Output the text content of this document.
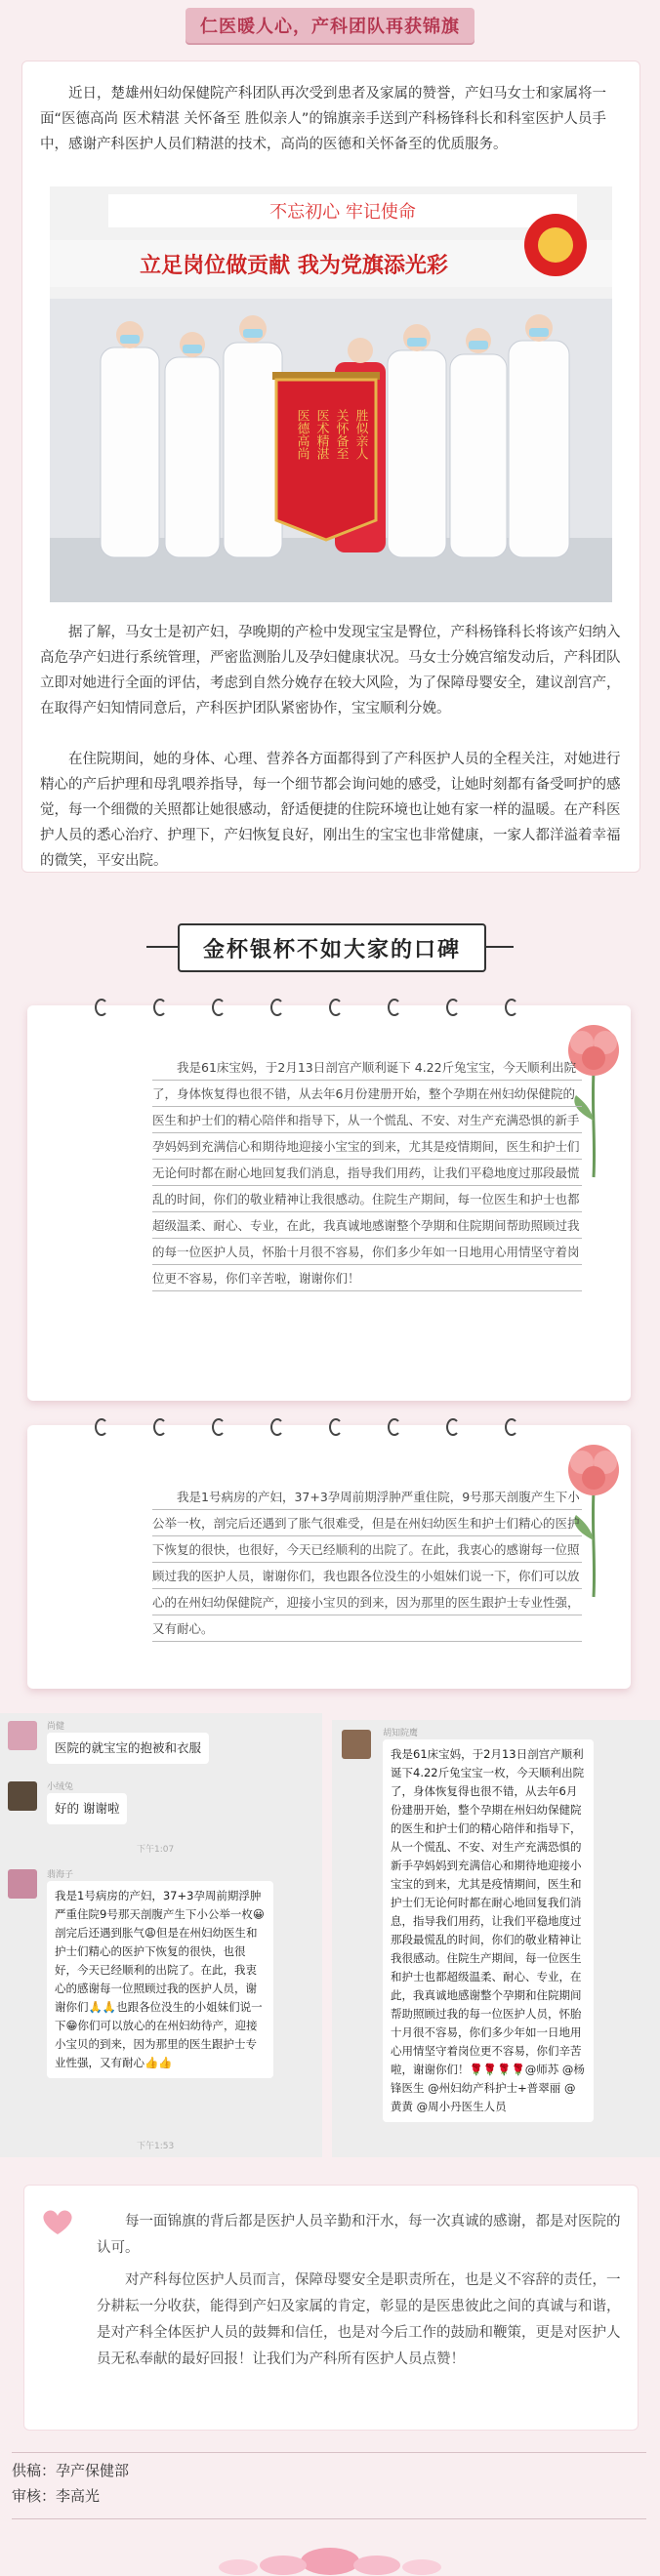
仁医暖人心，产科团队再获锦旗

近日，楚雄州妇幼保健院产科团队再次受到患者及家属的赞誉，产妇马女士和家属将一面“医德高尚 医术精湛 关怀备至 胜似亲人”的锦旗亲手送到产科杨锋科长和科室医护人员手中，感谢产科医护人员们精湛的技术，高尚的医德和关怀备至的优质服务。

不忘初心 牢记使命
立足岗位做贡献 我为党旗添光彩
医德高尚 医术精湛 关怀备至 胜似亲人

据了解，马女士是初产妇，孕晚期的产检中发现宝宝是臀位，产科杨锋科长将该产妇纳入高危孕产妇进行系统管理，严密监测胎儿及孕妇健康状况。马女士分娩宫缩发动后，产科团队立即对她进行全面的评估，考虑到自然分娩存在较大风险，为了保障母婴安全，建议剖宫产，在取得产妇知情同意后，产科医护团队紧密协作，宝宝顺利分娩。

在住院期间，她的身体、心理、营养各方面都得到了产科医护人员的全程关注，对她进行精心的产后护理和母乳喂养指导，每一个细节都会询问她的感受，让她时刻都有备受呵护的感觉，每一个细微的关照都让她很感动，舒适便捷的住院环境也让她有家一样的温暖。在产科医护人员的悉心治疗、护理下，产妇恢复良好，刚出生的宝宝也非常健康，一家人都洋溢着幸福的微笑，平安出院。

金杯银杯不如大家的口碑

我是61床宝妈，于2月13日剖宫产顺利诞下 4.22斤兔宝宝，今天顺利出院了，身体恢复得也很不错，从去年6月份建册开始，整个孕期在州妇幼保健院的医生和护士们的精心陪伴和指导下，从一个慌乱、不安、对生产充满恐惧的新手孕妈妈到充满信心和期待地迎接小宝宝的到来，尤其是疫情期间，医生和护士们无论何时都在耐心地回复我们消息，指导我们用药，让我们平稳地度过那段最慌乱的时间，你们的敬业精神让我很感动。住院生产期间，每一位医生和护士也都超级温柔、耐心、专业，在此，我真诚地感谢整个孕期和住院期间帮助照顾过我的每一位医护人员，怀胎十月很不容易，你们多少年如一日地用心用情坚守着岗位更不容易，你们辛苦啦，谢谢你们！

我是1号病房的产妇，37+3孕周前期浮肿严重住院，9号那天剖腹产生下小公举一枚，剖完后还遇到了胀气很难受，但是在州妇幼医生和护士们精心的医护下恢复的很快，也很好，今天已经顺利的出院了。在此，我衷心的感谢每一位照顾过我的医护人员，谢谢你们，我也跟各位没生的小姐妹们说一下，你们可以放心的在州妇幼保健院产，迎接小宝贝的到来，因为那里的医生跟护士专业性强，又有耐心。

尚健

医院的就宝宝的抱被和衣服

小绒兔

好的 谢谢啦

下午1:07
翡海子

我是1号病房的产妇，37+3孕周前期浮肿严重住院9号那天剖腹产生下小公举一枚😀剖完后还遇到胀气😩但是在州妇幼医生和护士们精心的医护下恢复的很快，也很好，今天已经顺利的出院了。在此，我衷心的感谢每一位照顾过我的医护人员，谢谢你们🙏🙏也跟各位没生的小姐妹们说一下😁你们可以放心的在州妇幼待产，迎接小宝贝的到来，因为那里的医生跟护士专业性强，又有耐心👍👍

下午1:53
胡知院鹰

我是61床宝妈，于2月13日剖宫产顺利诞下4.22斤兔宝宝一枚，今天顺利出院了，身体恢复得也很不错，从去年6月份建册开始，整个孕期在州妇幼保健院的医生和护士们的精心陪伴和指导下，从一个慌乱、不安、对生产充满恐惧的新手孕妈妈到充满信心和期待地迎接小宝宝的到来，尤其是疫情期间，医生和护士们无论何时都在耐心地回复我们消息，指导我们用药，让我们平稳地度过那段最慌乱的时间，你们的敬业精神让我很感动。住院生产期间，每一位医生和护士也都超级温柔、耐心、专业，在此，我真诚地感谢整个孕期和住院期间帮助照顾过我的每一位医护人员，怀胎十月很不容易，你们多少年如一日地用心用情坚守着岗位更不容易，你们辛苦啦，谢谢你们！🌹🌹🌹🌹@师苏 @杨锋医生 @州妇幼产科护士+普翠丽 @黄黄 @周小丹医生人员

每一面锦旗的背后都是医护人员辛勤和汗水，每一次真诚的感谢，都是对医院的认可。

对产科每位医护人员而言，保障母婴安全是职责所在，也是义不容辞的责任，一分耕耘一分收获，能得到产妇及家属的肯定，彰显的是医患彼此之间的真诚与和谐，是对产科全体医护人员的鼓舞和信任，也是对今后工作的鼓励和鞭策，更是对医护人员无私奉献的最好回报！让我们为产科所有医护人员点赞！

供稿：孕产保健部
审核：李高光
